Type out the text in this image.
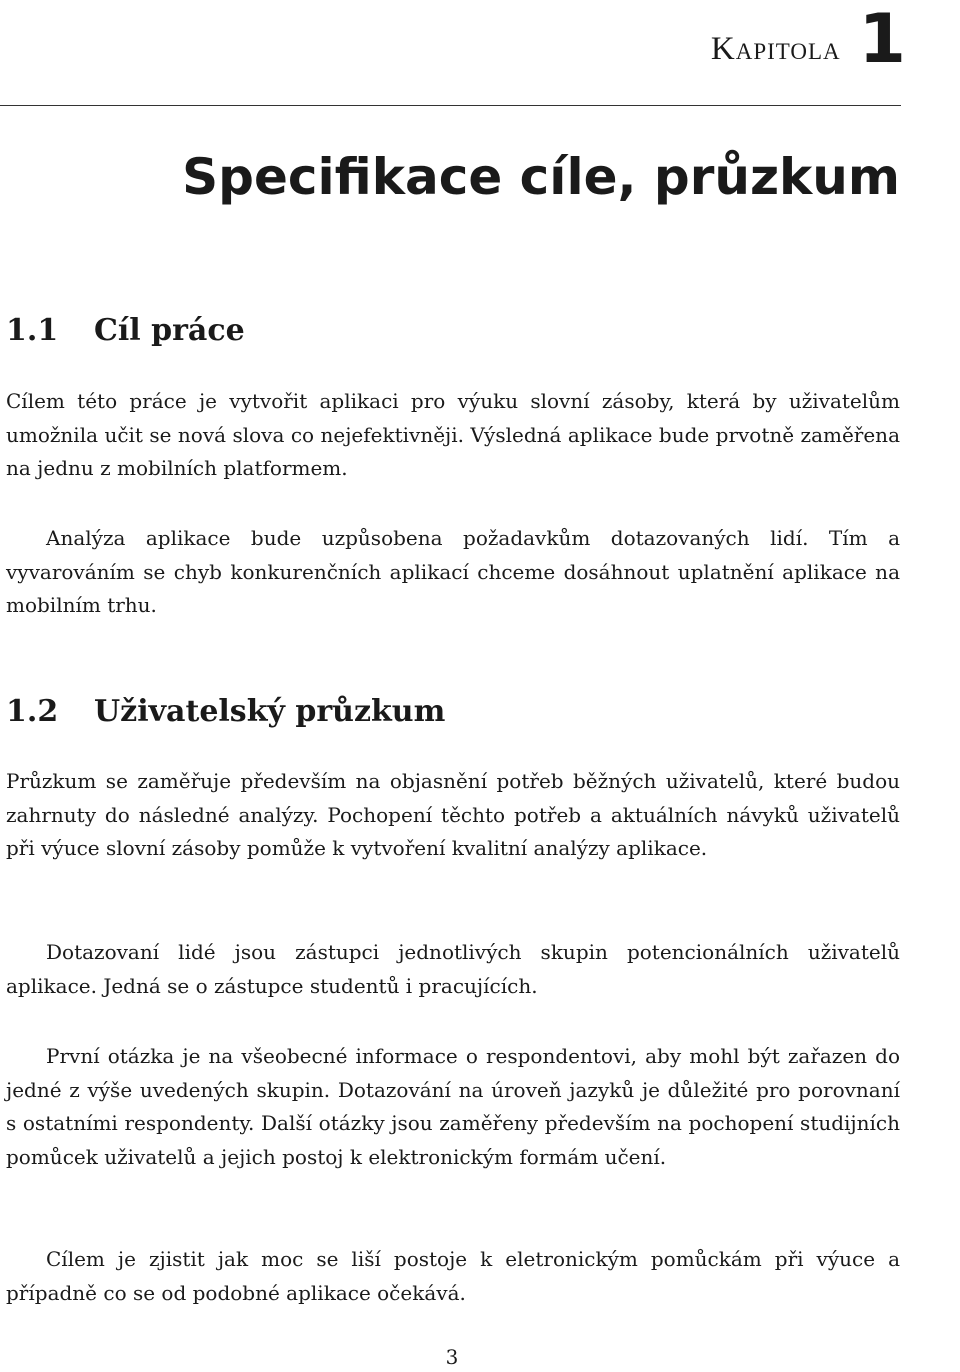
Kapitola 1
Specifikace cíle, průzkum
1.1 Cíl práce

Cílem této práce je vytvořit aplikaci pro výuku slovní zásoby, která by uživatelům umožnila učit se nová slova co nejefektivněji. Výsledná aplikace bude prvotně zaměřena na jednu z mobilních platformem.

Analýza aplikace bude uzpůsobena požadavkům dotazovaných lidí. Tím a vyvarováním se chyb konkurenčních aplikací chceme dosáhnout uplatnění aplikace na mobilním trhu.

1.2 Uživatelský průzkum

Průzkum se zaměřuje především na objasnění potřeb běžných uživatelů, které budou zahrnuty do následné analýzy. Pochopení těchto potřeb a aktuálních návyků uživatelů při výuce slovní zásoby pomůže k vytvoření kvalitní analýzy aplikace.

Dotazovaní lidé jsou zástupci jednotlivých skupin potencionálních uživatelů aplikace. Jedná se o zástupce studentů i pracujících.

První otázka je na všeobecné informace o respondentovi, aby mohl být zařazen do jedné z výše uvedených skupin. Dotazování na úroveň jazyků je důležité pro porovnaní s ostatními respondenty. Další otázky jsou zaměřeny především na pochopení studijních pomůcek uživatelů a jejich postoj k elektronickým formám učení.

Cílem je zjistit jak moc se liší postoje k eletronickým pomůckám při výuce a případně co se od podobné aplikace očekává.

3
